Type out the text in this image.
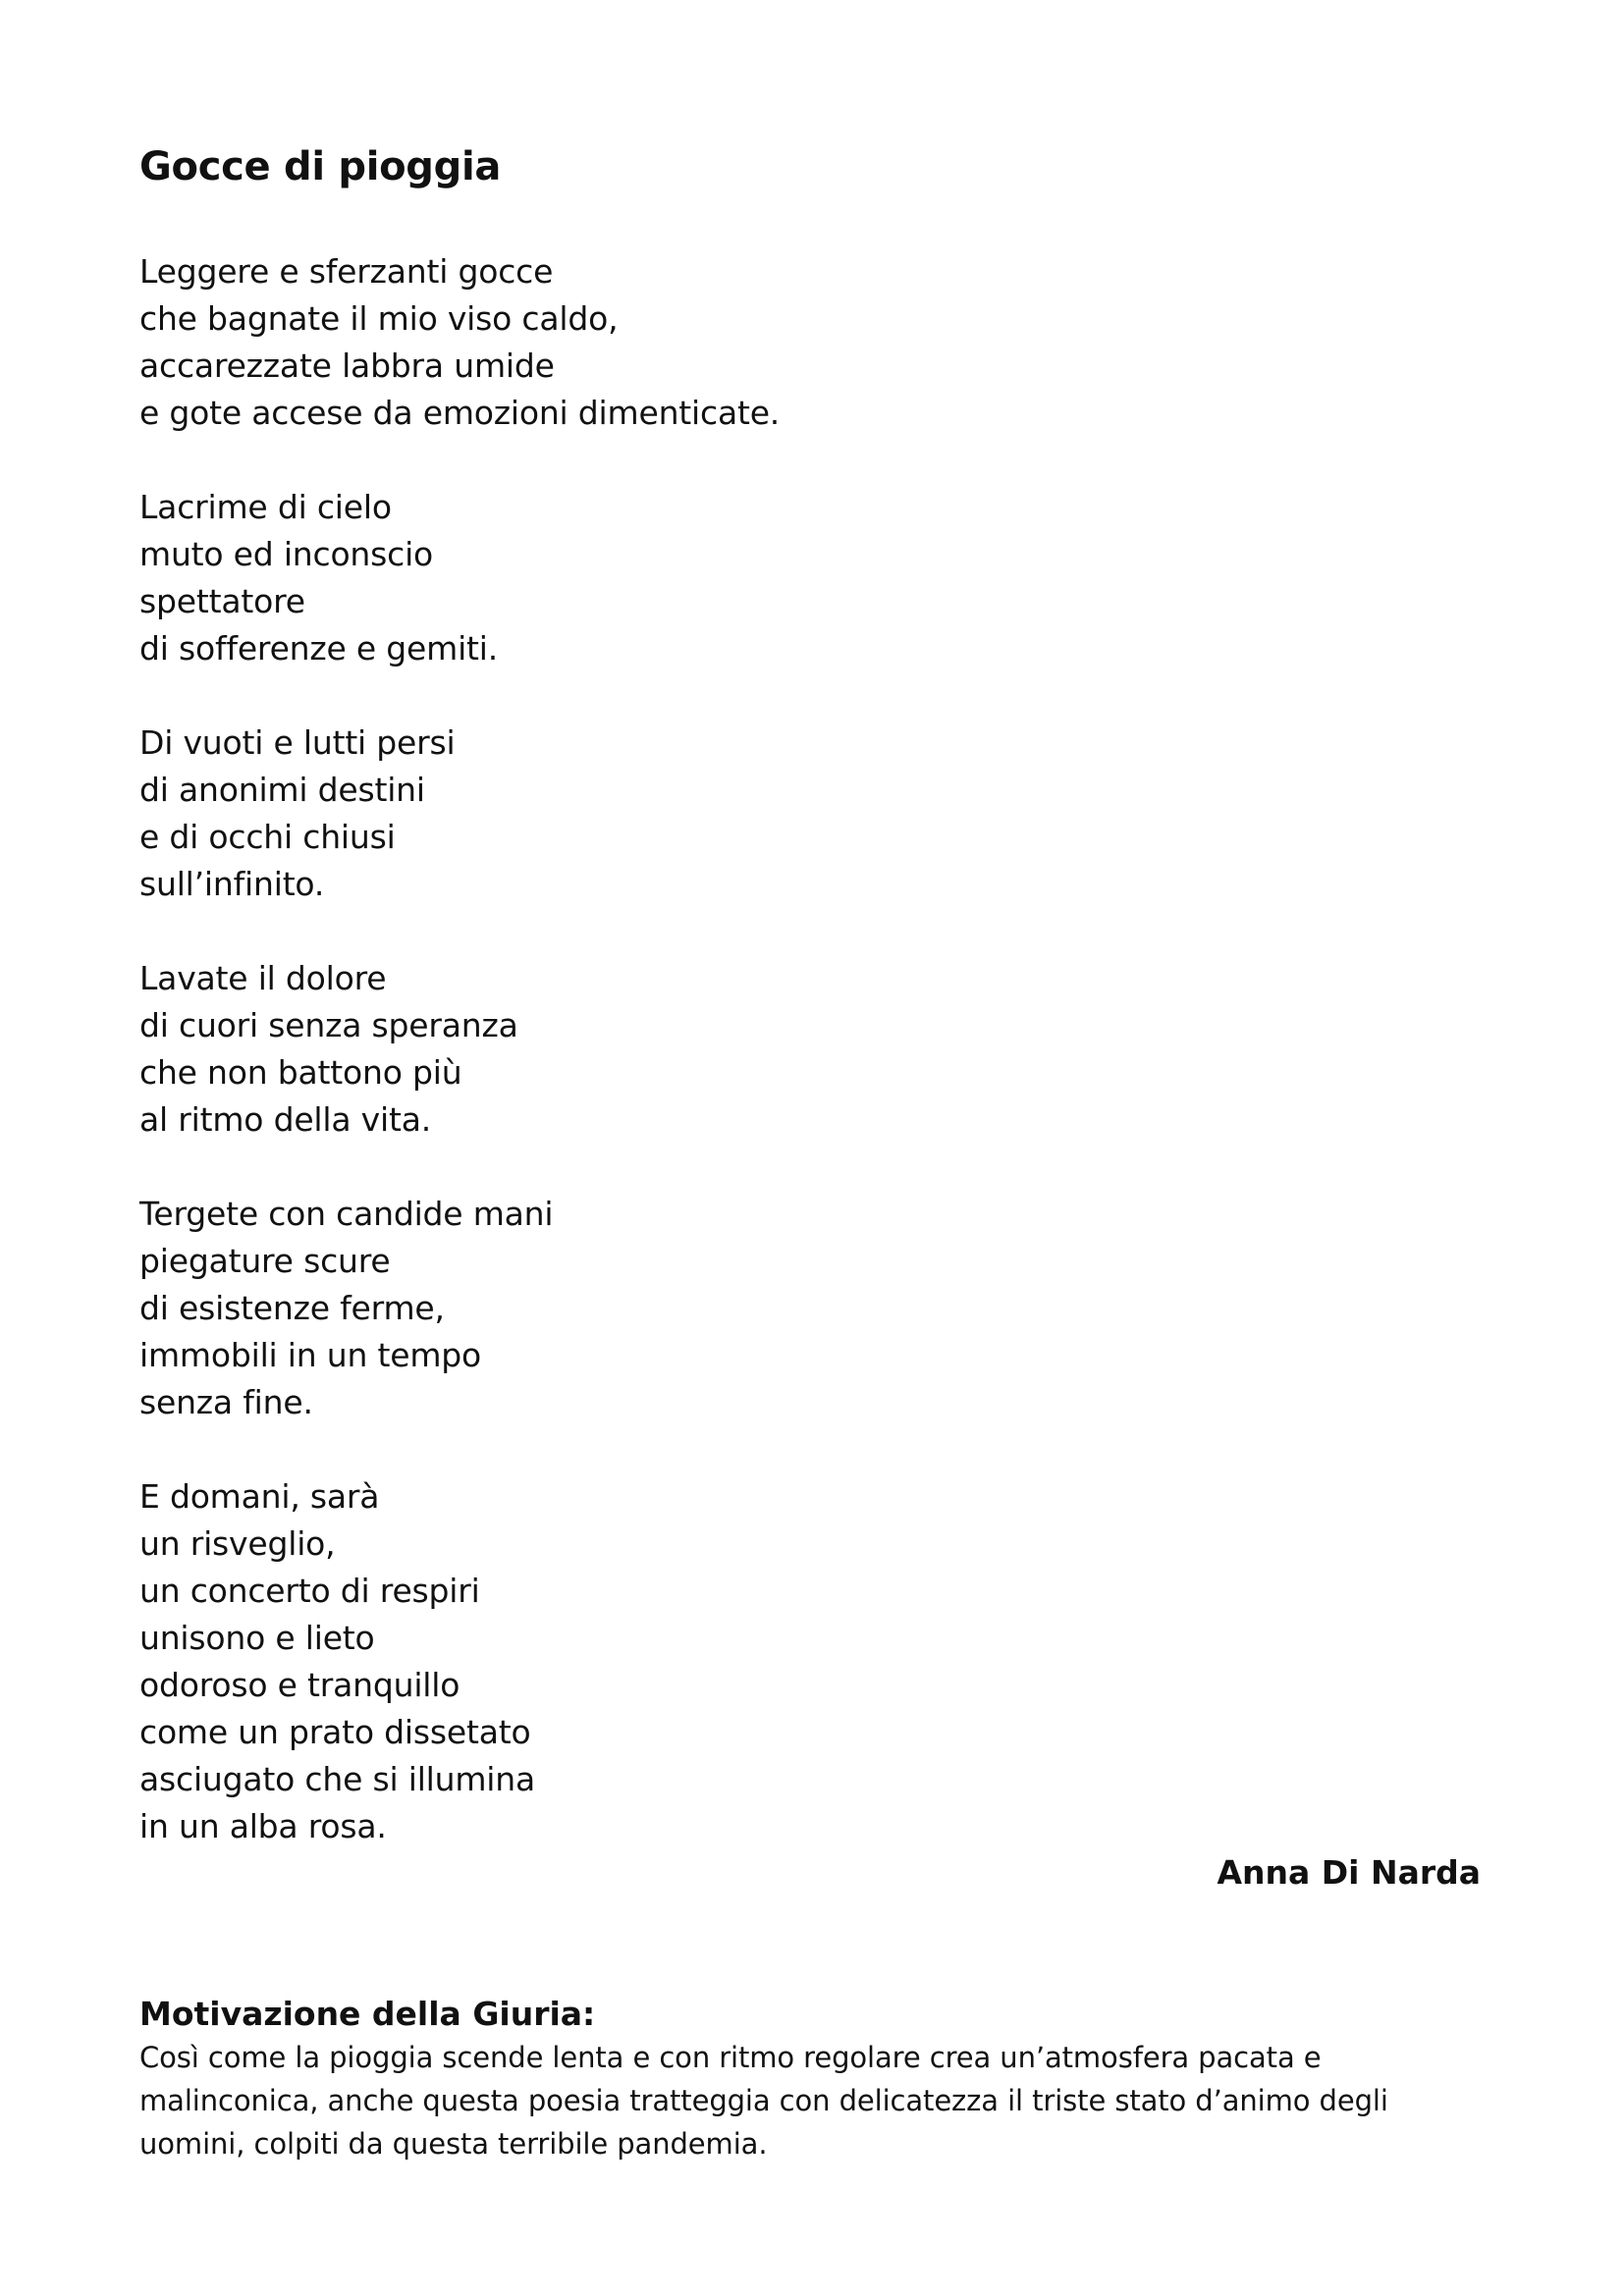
Gocce di pioggia
Leggere e sferzanti gocce
che bagnate il mio viso caldo,
accarezzate labbra umide
e gote accese da emozioni dimenticate.
Lacrime di cielo
muto ed inconscio
spettatore
di sofferenze e gemiti.
Di vuoti e lutti persi
di anonimi destini
e di occhi chiusi
sull’infinito.
Lavate il dolore
di cuori senza speranza
che non battono più
al ritmo della vita.
Tergete con candide mani
piegature scure
di esistenze ferme,
immobili in un tempo
senza fine.
E domani, sarà
un risveglio,
un concerto di respiri
unisono e lieto
odoroso e tranquillo
come un prato dissetato
asciugato che si illumina
in un alba rosa.
Anna Di Narda
Motivazione della Giuria:

Così come la pioggia scende lenta e con ritmo regolare crea un’atmosfera pacata e
malinconica, anche questa poesia tratteggia con delicatezza il triste stato d’animo degli
uomini, colpiti da questa terribile pandemia.
